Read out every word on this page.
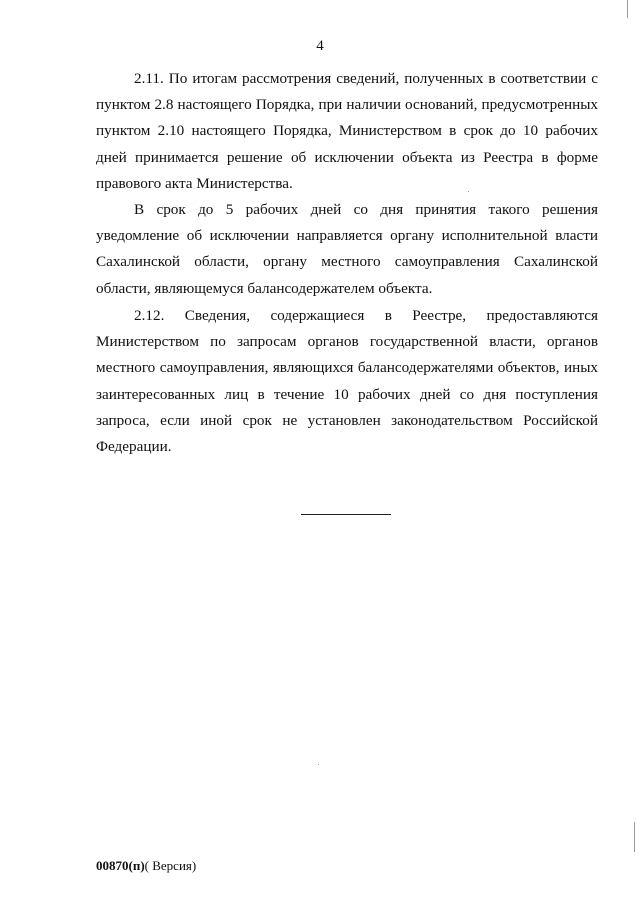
4

2.11. По итогам рассмотрения сведений, полученных в соответствии с пунктом 2.8 настоящего Порядка, при наличии оснований, предусмотренных пунктом 2.10 настоящего Порядка, Министерством в срок до 10 рабочих дней принимается решение об исключении объекта из Реестра в форме правового акта Министерства.

В срок до 5 рабочих дней со дня принятия такого решения уведомление об исключении направляется органу исполнительной власти Сахалинской области, органу местного самоуправления Сахалинской области, являющемуся балансодержателем объекта.

2.12. Сведения, содержащиеся в Реестре, предоставляются Министерством по запросам органов государственной власти, органов местного самоуправления, являющихся балансодержателями объектов, иных заинтересованных лиц в течение 10 рабочих дней со дня поступления запроса, если иной срок не установлен законодательством Российской Федерации.

00870(п)( Версия)
